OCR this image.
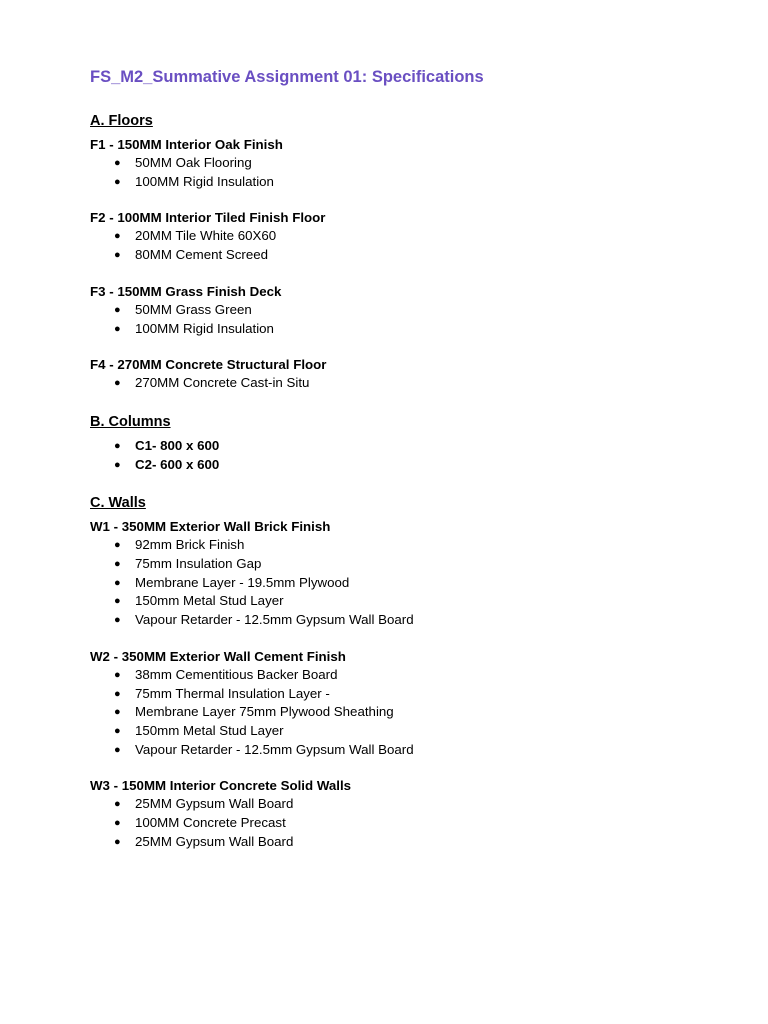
FS_M2_Summative Assignment 01: Specifications
A. Floors
F1 - 150MM Interior Oak Finish
● 50MM Oak Flooring
● 100MM Rigid Insulation
F2 - 100MM Interior Tiled Finish Floor
● 20MM Tile White 60X60
● 80MM Cement Screed
F3 - 150MM Grass Finish Deck
● 50MM Grass Green
● 100MM Rigid Insulation
F4 - 270MM Concrete Structural Floor
● 270MM Concrete Cast-in Situ
B. Columns
● C1- 800 x 600
● C2- 600 x 600
C. Walls
W1 - 350MM Exterior Wall Brick Finish
● 92mm Brick Finish
● 75mm Insulation Gap
● Membrane Layer - 19.5mm Plywood
● 150mm Metal Stud Layer
● Vapour Retarder - 12.5mm Gypsum Wall Board
W2 - 350MM Exterior Wall Cement Finish
● 38mm Cementitious Backer Board
● 75mm Thermal Insulation Layer -
● Membrane Layer 75mm Plywood Sheathing
● 150mm Metal Stud Layer
● Vapour Retarder - 12.5mm Gypsum Wall Board
W3 - 150MM Interior Concrete Solid Walls
● 25MM Gypsum Wall Board
● 100MM Concrete Precast
● 25MM Gypsum Wall Board
